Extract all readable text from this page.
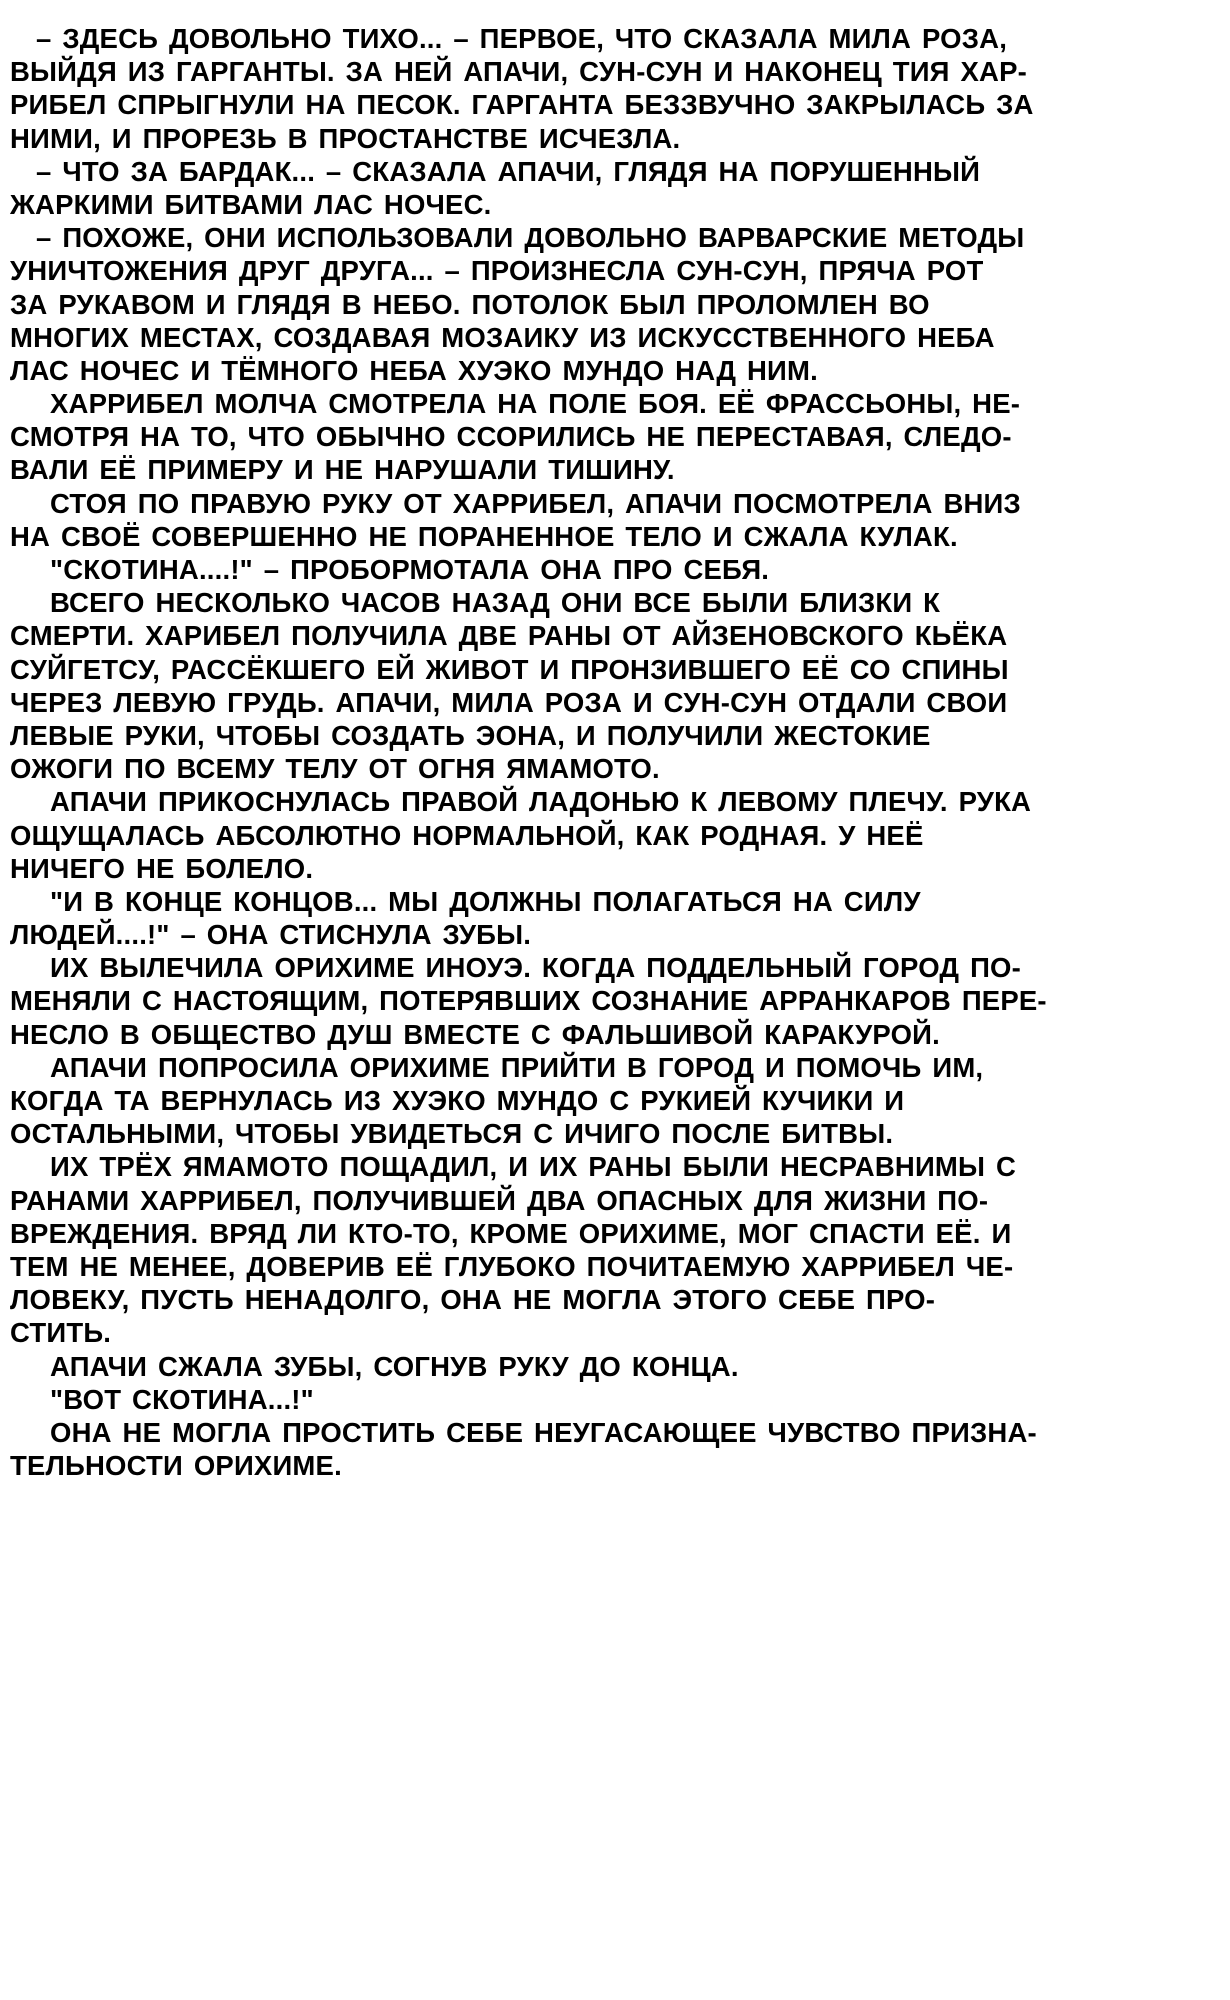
– ЗДЕСЬ ДОВОЛЬНО ТИХО... – ПЕРВОЕ, ЧТО СКАЗАЛА МИЛА РОЗА,
ВЫЙДЯ ИЗ ГАРГАНТЫ. ЗА НЕЙ АПАЧИ, СУН-СУН И НАКОНЕЦ ТИЯ ХАР-
РИБЕЛ СПРЫГНУЛИ НА ПЕСОК. ГАРГАНТА БЕЗЗВУЧНО ЗАКРЫЛАСЬ ЗА
НИМИ, И ПРОРЕЗЬ В ПРОСТАНСТВЕ ИСЧЕЗЛА.
– ЧТО ЗА БАРДАК... – СКАЗАЛА АПАЧИ, ГЛЯДЯ НА ПОРУШЕННЫЙ
ЖАРКИМИ БИТВАМИ ЛАС НОЧЕС.
– ПОХОЖЕ, ОНИ ИСПОЛЬЗОВАЛИ ДОВОЛЬНО ВАРВАРСКИЕ МЕТОДЫ
УНИЧТОЖЕНИЯ ДРУГ ДРУГА... – ПРОИЗНЕСЛА СУН-СУН, ПРЯЧА РОТ
ЗА РУКАВОМ И ГЛЯДЯ В НЕБО. ПОТОЛОК БЫЛ ПРОЛОМЛЕН ВО
МНОГИХ МЕСТАХ, СОЗДАВАЯ МОЗАИКУ ИЗ ИСКУССТВЕННОГО НЕБА
ЛАС НОЧЕС И ТЁМНОГО НЕБА ХУЭКО МУНДО НАД НИМ.
ХАРРИБЕЛ МОЛЧА СМОТРЕЛА НА ПОЛЕ БОЯ. ЕЁ ФРАССЬОНЫ, НЕ-
СМОТРЯ НА ТО, ЧТО ОБЫЧНО ССОРИЛИСЬ НЕ ПЕРЕСТАВАЯ, СЛЕДО-
ВАЛИ ЕЁ ПРИМЕРУ И НЕ НАРУШАЛИ ТИШИНУ.
СТОЯ ПО ПРАВУЮ РУКУ ОТ ХАРРИБЕЛ, АПАЧИ ПОСМОТРЕЛА ВНИЗ
НА СВОЁ СОВЕРШЕННО НЕ ПОРАНЕННОЕ ТЕЛО И СЖАЛА КУЛАК.
"СКОТИНА....!" – ПРОБОРМОТАЛА ОНА ПРО СЕБЯ.
ВСЕГО НЕСКОЛЬКО ЧАСОВ НАЗАД ОНИ ВСЕ БЫЛИ БЛИЗКИ К
СМЕРТИ. ХАРИБЕЛ ПОЛУЧИЛА ДВЕ РАНЫ ОТ АЙЗЕНОВСКОГО КЬЁКА
СУЙГЕТСУ, РАССЁКШЕГО ЕЙ ЖИВОТ И ПРОНЗИВШЕГО ЕЁ СО СПИНЫ
ЧЕРЕЗ ЛЕВУЮ ГРУДЬ. АПАЧИ, МИЛА РОЗА И СУН-СУН ОТДАЛИ СВОИ
ЛЕВЫЕ РУКИ, ЧТОБЫ СОЗДАТЬ ЭОНА, И ПОЛУЧИЛИ ЖЕСТОКИЕ
ОЖОГИ ПО ВСЕМУ ТЕЛУ ОТ ОГНЯ ЯМАМОТО.
АПАЧИ ПРИКОСНУЛАСЬ ПРАВОЙ ЛАДОНЬЮ К ЛЕВОМУ ПЛЕЧУ. РУКА
ОЩУЩАЛАСЬ АБСОЛЮТНО НОРМАЛЬНОЙ, КАК РОДНАЯ. У НЕЁ
НИЧЕГО НЕ БОЛЕЛО.
"И В КОНЦЕ КОНЦОВ... МЫ ДОЛЖНЫ ПОЛАГАТЬСЯ НА СИЛУ
ЛЮДЕЙ....!" – ОНА СТИСНУЛА ЗУБЫ.
ИХ ВЫЛЕЧИЛА ОРИХИМЕ ИНОУЭ. КОГДА ПОДДЕЛЬНЫЙ ГОРОД ПО-
МЕНЯЛИ С НАСТОЯЩИМ, ПОТЕРЯВШИХ СОЗНАНИЕ АРРАНКАРОВ ПЕРЕ-
НЕСЛО В ОБЩЕСТВО ДУШ ВМЕСТЕ С ФАЛЬШИВОЙ КАРАКУРОЙ.
АПАЧИ ПОПРОСИЛА ОРИХИМЕ ПРИЙТИ В ГОРОД И ПОМОЧЬ ИМ,
КОГДА ТА ВЕРНУЛАСЬ ИЗ ХУЭКО МУНДО С РУКИЕЙ КУЧИКИ И
ОСТАЛЬНЫМИ, ЧТОБЫ УВИДЕТЬСЯ С ИЧИГО ПОСЛЕ БИТВЫ.
ИХ ТРЁХ ЯМАМОТО ПОЩАДИЛ, И ИХ РАНЫ БЫЛИ НЕСРАВНИМЫ С
РАНАМИ ХАРРИБЕЛ, ПОЛУЧИВШЕЙ ДВА ОПАСНЫХ ДЛЯ ЖИЗНИ ПО-
ВРЕЖДЕНИЯ. ВРЯД ЛИ КТО-ТО, КРОМЕ ОРИХИМЕ, МОГ СПАСТИ ЕЁ. И
ТЕМ НЕ МЕНЕЕ, ДОВЕРИВ ЕЁ ГЛУБОКО ПОЧИТАЕМУЮ ХАРРИБЕЛ ЧЕ-
ЛОВЕКУ, ПУСТЬ НЕНАДОЛГО, ОНА НЕ МОГЛА ЭТОГО СЕБЕ ПРО-
СТИТЬ.
АПАЧИ СЖАЛА ЗУБЫ, СОГНУВ РУКУ ДО КОНЦА.
"ВОТ СКОТИНА...!"
ОНА НЕ МОГЛА ПРОСТИТЬ СЕБЕ НЕУГАСАЮЩЕЕ ЧУВСТВО ПРИЗНА-
ТЕЛЬНОСТИ ОРИХИМЕ.
